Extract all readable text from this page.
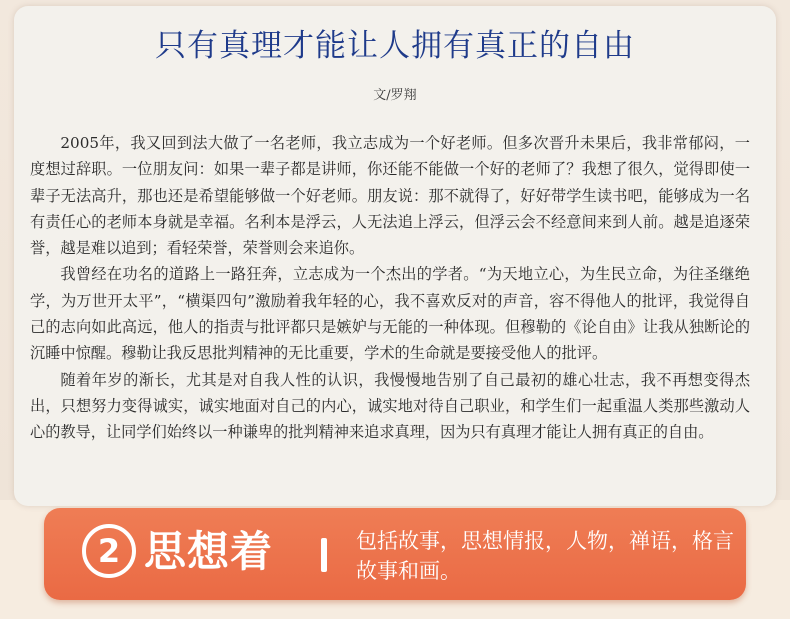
只有真理才能让人拥有真正的自由
文/罗翔

2005年，我又回到法大做了一名老师，我立志成为一个好老师。但多次晋升未果后，我非常郁闷，一度想过辞职。一位朋友问：如果一辈子都是讲师，你还能不能做一个好的老师了？我想了很久，觉得即使一辈子无法高升，那也还是希望能够做一个好老师。朋友说：那不就得了，好好带学生读书吧，能够成为一名有责任心的老师本身就是幸福。名利本是浮云，人无法追上浮云，但浮云会不经意间来到人前。越是追逐荣誉，越是难以追到；看轻荣誉，荣誉则会来追你。

我曾经在功名的道路上一路狂奔，立志成为一个杰出的学者。“为天地立心，为生民立命，为往圣继绝学，为万世开太平”，“横渠四句”激励着我年轻的心，我不喜欢反对的声音，容不得他人的批评，我觉得自己的志向如此高远，他人的指责与批评都只是嫉妒与无能的一种体现。但穆勒的《论自由》让我从独断论的沉睡中惊醒。穆勒让我反思批判精神的无比重要，学术的生命就是要接受他人的批评。

随着年岁的渐长，尤其是对自我人性的认识，我慢慢地告别了自己最初的雄心壮志，我不再想变得杰出，只想努力变得诚实，诚实地面对自己的内心，诚实地对待自己职业，和学生们一起重温人类那些激动人心的教导，让同学们始终以一种谦卑的批判精神来追求真理，因为只有真理才能让人拥有真正的自由。

2 思想着	包括故事，思想情报，人物，禅语，格言故事和画。
